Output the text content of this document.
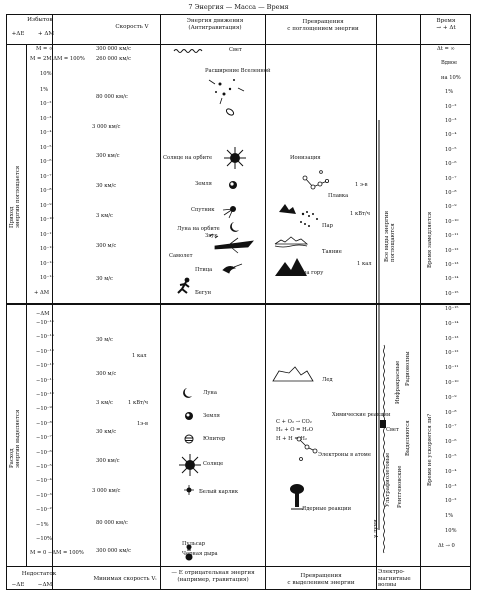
7 Энергия — Масса — Время
Избыток
+ΔE	+ ΔM
Скорость V
Энергия движения
(Антигравитация)
Превращения
с поглощением энергии
Время
→ + Δt
M = ∞
M = 2M ΔM = 100%
10%
1%
10⁻²
10⁻³
10⁻⁴
10⁻⁵
10⁻⁶
10⁻⁷
10⁻⁸
10⁻⁹
10⁻¹⁰
10⁻¹¹
10⁻¹²
10⁻¹³
10⁻¹⁴
+ ΔM
−ΔM
−10⁻¹⁵
−10⁻¹⁴
−10⁻¹³
−10⁻¹²
−10⁻¹¹
−10⁻¹⁰
−10⁻⁹
−10⁻⁸
−10⁻⁷
−10⁻⁶
−10⁻⁵
−10⁻⁴
−10⁻³
−10⁻²
−1%
−10%
M = 0 −ΔM = 100%
Приход
энергии поглощается
Расход
энергии выделяется
300 000 км/с
260 000 км/с
80 000 км/с
3 000 км/с
300 км/с
30 км/с
3 км/с
300 м/с
30 м/с
30 м/с
300 м/с
3 км/с
30 км/с
300 км/с
3 000 км/с
80 000 км/с
300 000 км/с
1 э-в
1 кВт/ч
1 кал
1 кал
1 кВт/ч
1э-в
Свет
Расширение Вселенной
Солнце на орбите
Земля
Спутник
Луна на орбите
Звук
Самолет
Птица
Бегун
Луна
Земля
Юпитер
Солнце
Белый карлик
Пульсар
Черная дыра
Ионизация
Плавка
Пар
Таяние
Подъем на гору
Лед
C + O₂ → CO₂
H₂ + O = H₂O
H + H = H₂
Химические реакции
Электроны в атоме
Ядерные реакции
Инфракрасные Радиоволны
Свет
Ультрафиолетовые Рентгеновские
γ лучи
Все виды энергии поглощаются
Выделяются
Δt = ∞
Вдвое
на 10%
1%
10⁻²
10⁻³
10⁻⁴
10⁻⁵
10⁻⁶
10⁻⁷
10⁻⁸
10⁻⁹
10⁻¹⁰
10⁻¹¹
10⁻¹²
10⁻¹³
10⁻¹⁴
10⁻¹⁵
10⁻¹⁵
10⁻¹⁴
10⁻¹³
10⁻¹²
10⁻¹¹
10⁻¹⁰
10⁻⁹
10⁻⁸
10⁻⁷
10⁻⁶
10⁻⁵
10⁻⁴
10⁻³
10⁻²
1%
10%
Δt → 0
Время замедляется
Время не ускоряется ли?
Недостаток
−ΔE	−ΔM
Минимая скорость Vᵢ
— Е отрицательная энергия
(например, гравитация)
Превращения
с выделением энергии
Электро-
магнитные
волны
